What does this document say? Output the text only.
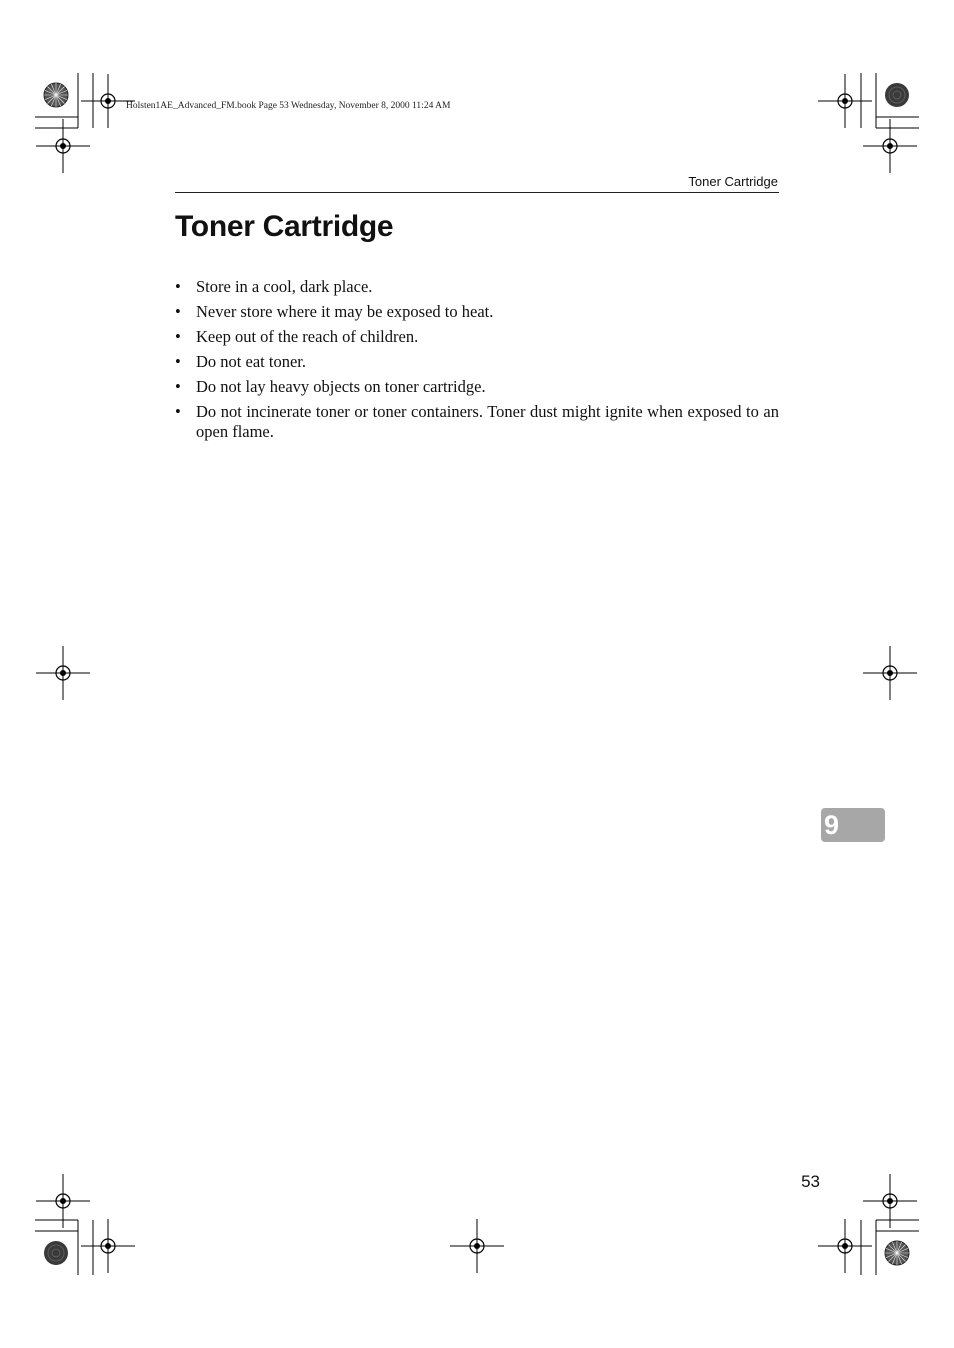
Holsten1AE_Advanced_FM.book Page 53 Wednesday, November 8, 2000 11:24 AM
Toner Cartridge
Toner Cartridge
• Store in a cool, dark place.
• Never store where it may be exposed to heat.
• Keep out of the reach of children.
• Do not eat toner.
• Do not lay heavy objects on toner cartridge.
• Do not incinerate toner or toner containers. Toner dust might ignite when exposed to an open flame.
9
53
